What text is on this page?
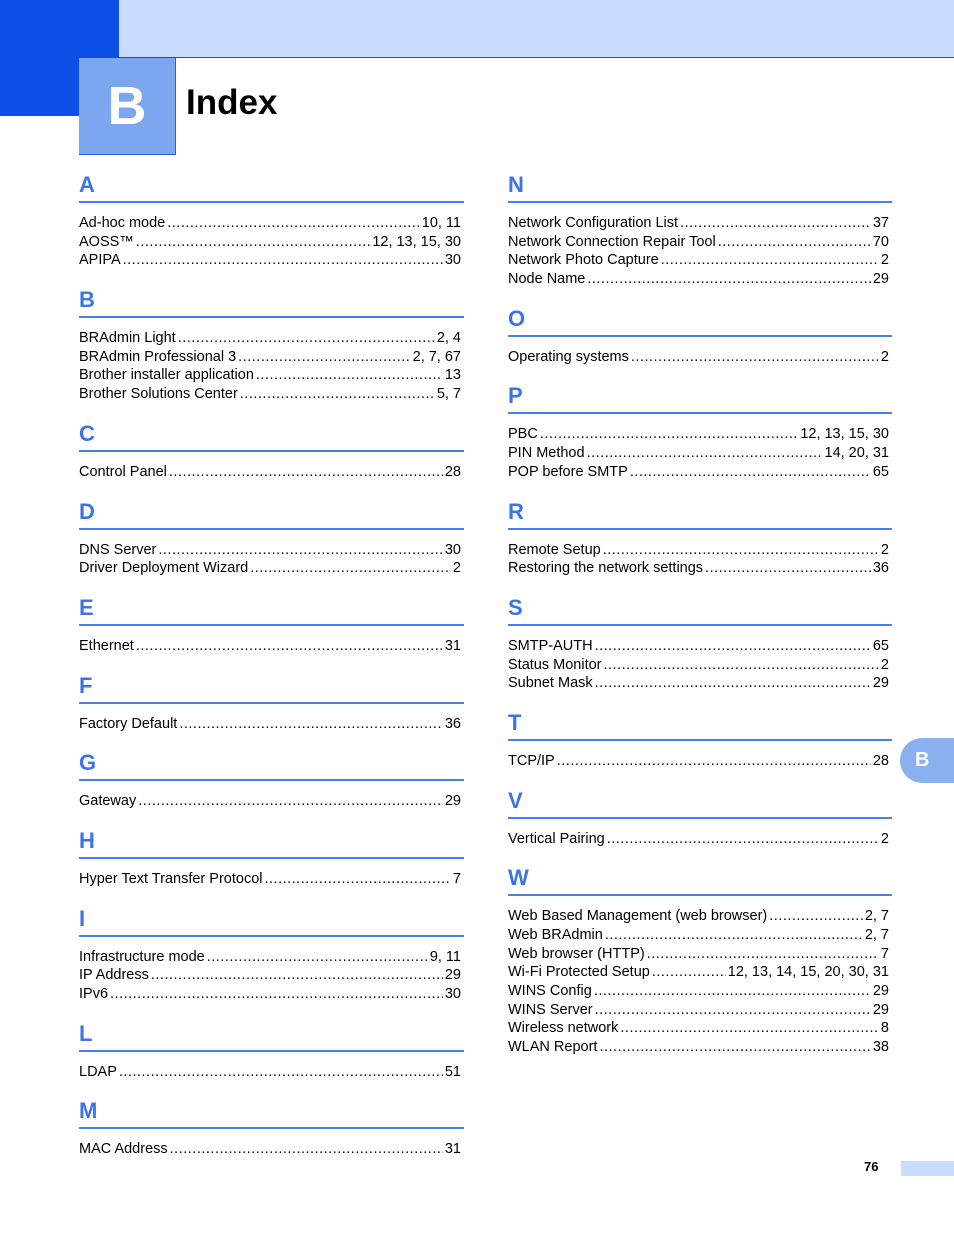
B Index
A
Ad-hoc mode .....	10, 11
AOSS™ .....	12, 13, 15, 30
APIPA .....	30
B
BRAdmin Light .....	2, 4
BRAdmin Professional 3 .....	2, 7, 67
Brother installer application .....	13
Brother Solutions Center .....	5, 7
C
Control Panel .....	28
D
DNS Server .....	30
Driver Deployment Wizard .....	2
E
Ethernet .....	31
F
Factory Default .....	36
G
Gateway .....	29
H
Hyper Text Transfer Protocol .....	7
I
Infrastructure mode .....	9, 11
IP Address .....	29
IPv6 .....	30
L
LDAP .....	51
M
MAC Address .....	31
N
Network Configuration List .....	37
Network Connection Repair Tool .....	70
Network Photo Capture .....	2
Node Name .....	29
O
Operating systems .....	2
P
PBC .....	12, 13, 15, 30
PIN Method .....	14, 20, 31
POP before SMTP .....	65
R
Remote Setup .....	2
Restoring the network settings .....	36
S
SMTP-AUTH .....	65
Status Monitor .....	2
Subnet Mask .....	29
T
TCP/IP .....	28
V
Vertical Pairing .....	2
W
Web Based Management (web browser) .....	2, 7
Web BRAdmin .....	2, 7
Web browser (HTTP) .....	7
Wi-Fi Protected Setup .....	12, 13, 14, 15, 20, 30, 31
WINS Config .....	29
WINS Server .....	29
Wireless network .....	8
WLAN Report .....	38
B
76
